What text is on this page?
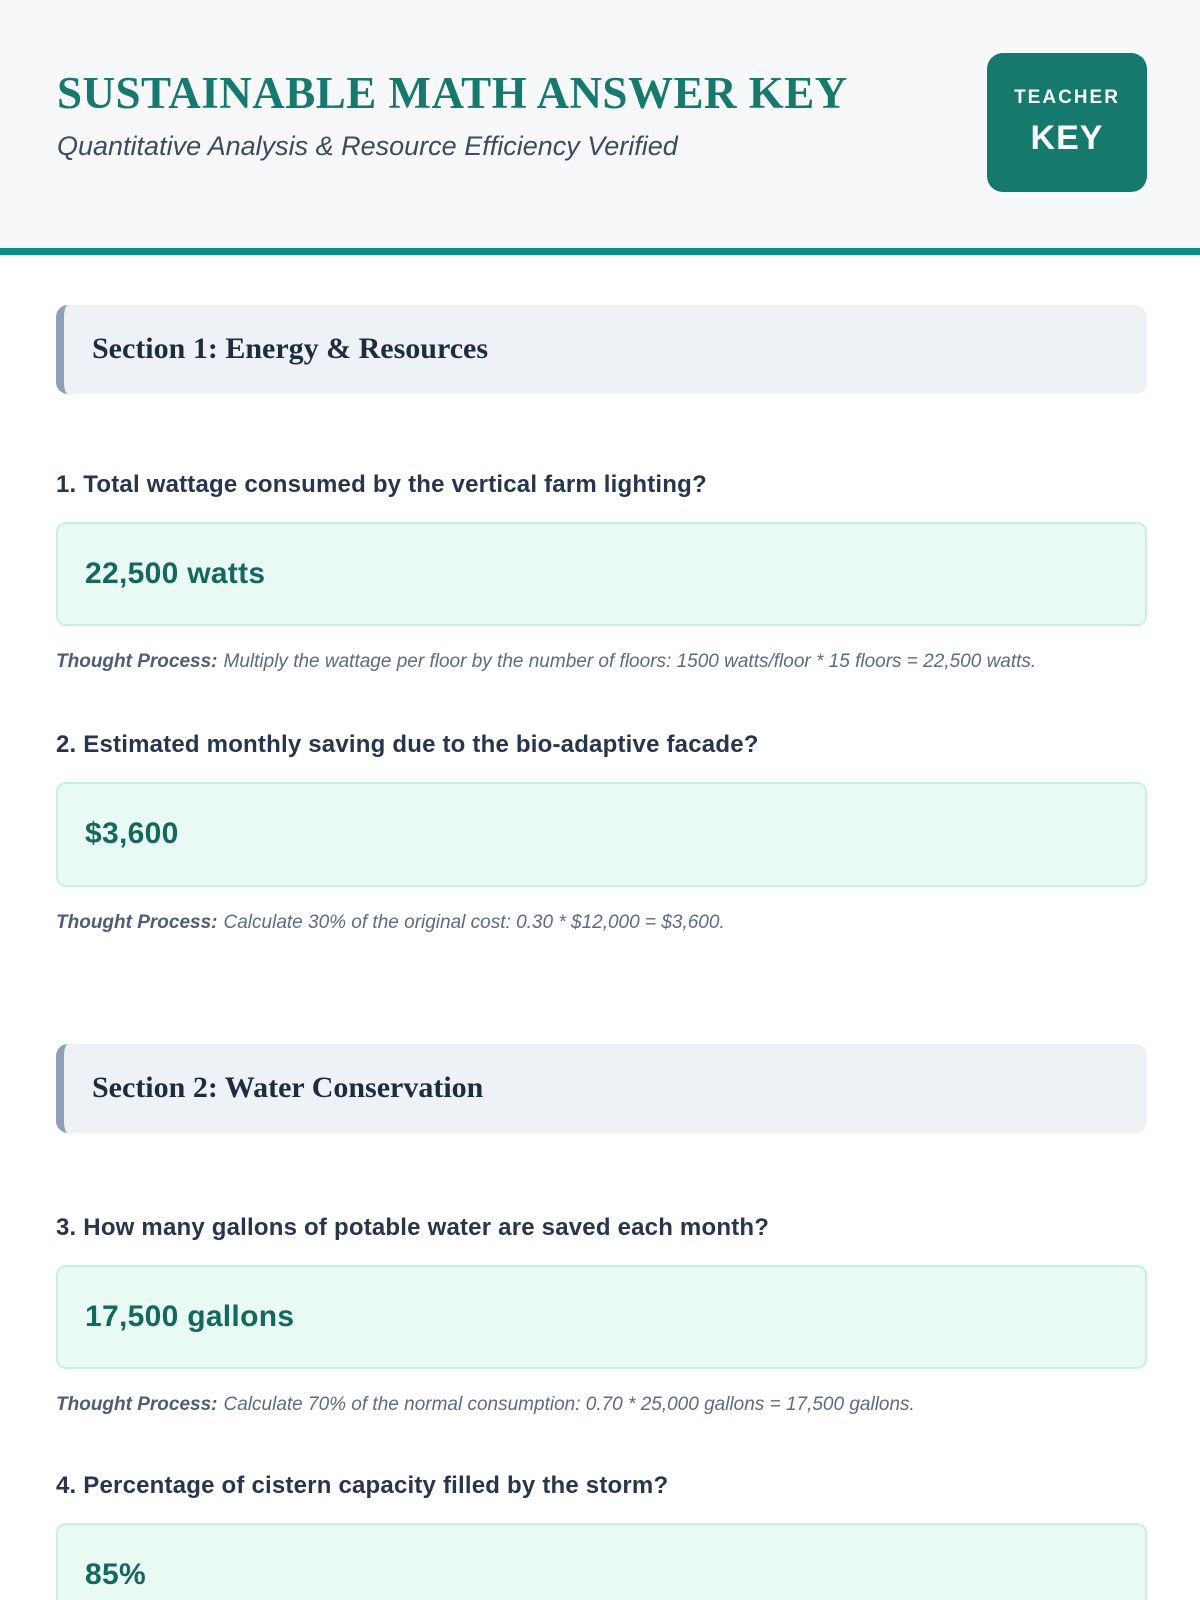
SUSTAINABLE MATH ANSWER KEY
Quantitative Analysis & Resource Efficiency Verified
TEACHER
KEY
Section 1: Energy & Resources
1. Total wattage consumed by the vertical farm lighting?
22,500 watts

Thought Process: Multiply the wattage per floor by the number of floors: 1500 watts/floor * 15 floors = 22,500 watts.

2. Estimated monthly saving due to the bio-adaptive facade?
$3,600

Thought Process: Calculate 30% of the original cost: 0.30 * $12,000 = $3,600.

Section 2: Water Conservation
3. How many gallons of potable water are saved each month?
17,500 gallons

Thought Process: Calculate 70% of the normal consumption: 0.70 * 25,000 gallons = 17,500 gallons.

4. Percentage of cistern capacity filled by the storm?
85%
